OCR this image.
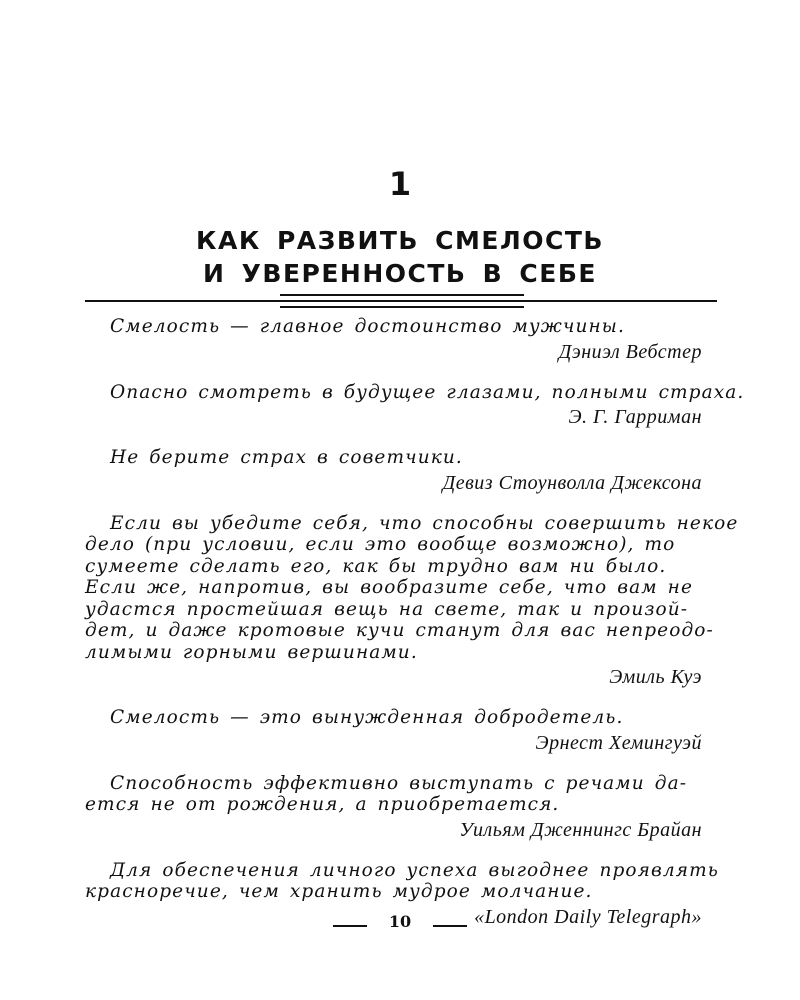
1
КАК РАЗВИТЬ СМЕЛОСТЬ
И УВЕРЕННОСТЬ В СЕБЕ

Смелость — главное достоинство мужчины.

Дэниэл Вебстер

Опасно смотреть в будущее глазами, полными страха.

Э. Г. Гарриман

Не берите страх в советчики.

Девиз Стоунволла Джексона

Если вы убедите себя, что способны совершить некое
дело (при условии, если это вообще возможно), то
сумеете сделать его, как бы трудно вам ни было.
Если же, напротив, вы вообразите себе, что вам не
удастся простейшая вещь на свете, так и произой-
дет, и даже кротовые кучи станут для вас непреодо-
лимыми горными вершинами.

Эмиль Куэ

Смелость — это вынужденная добродетель.

Эрнест Хемингуэй

Способность эффективно выступать с речами да-
ется не от рождения, а приобретается.

Уильям Дженнингс Брайан

Для обеспечения личного успеха выгоднее проявлять
красноречие, чем хранить мудрое молчание.

«London Daily Telegraph»
10
